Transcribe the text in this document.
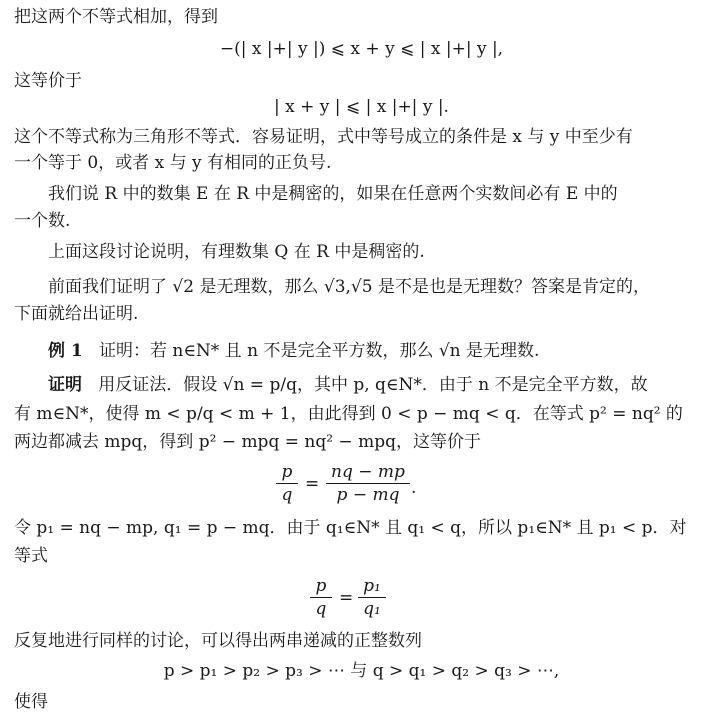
把这两个不等式相加，得到
−(| x |+| y |) ⩽ x + y ⩽ | x |+| y |,
这等价于
| x + y | ⩽ | x |+| y |.
这个不等式称为三角形不等式．容易证明，式中等号成立的条件是 x 与 y 中至少有
一个等于 0，或者 x 与 y 有相同的正负号.
我们说 R 中的数集 E 在 R 中是稠密的，如果在任意两个实数间必有 E 中的
一个数.
上面这段讨论说明，有理数集 Q 在 R 中是稠密的.
前面我们证明了 √2 是无理数，那么 √3,√5 是不是也是无理数？答案是肯定的，
下面就给出证明.
例 1 证明：若 n∈N* 且 n 不是完全平方数，那么 √n 是无理数.
证明 用反证法．假设 √n = p/q，其中 p, q∈N*．由于 n 不是完全平方数，故
有 m∈N*，使得 m < p/q < m + 1，由此得到 0 < p − mq < q．在等式 p² = nq² 的
两边都减去 mpq，得到 p² − mpq = nq² − mpq，这等价于
p
q
=
nq − mp
p − mq .
令 p₁ = nq − mp, q₁ = p − mq．由于 q₁∈N* 且 q₁ < q，所以 p₁∈N* 且 p₁ < p．对
等式
p
q
=
p₁
q₁
反复地进行同样的讨论，可以得出两串递减的正整数列
p > p₁ > p₂ > p₃ > ⋯ 与 q > q₁ > q₂ > q₃ > ⋯,
使得
